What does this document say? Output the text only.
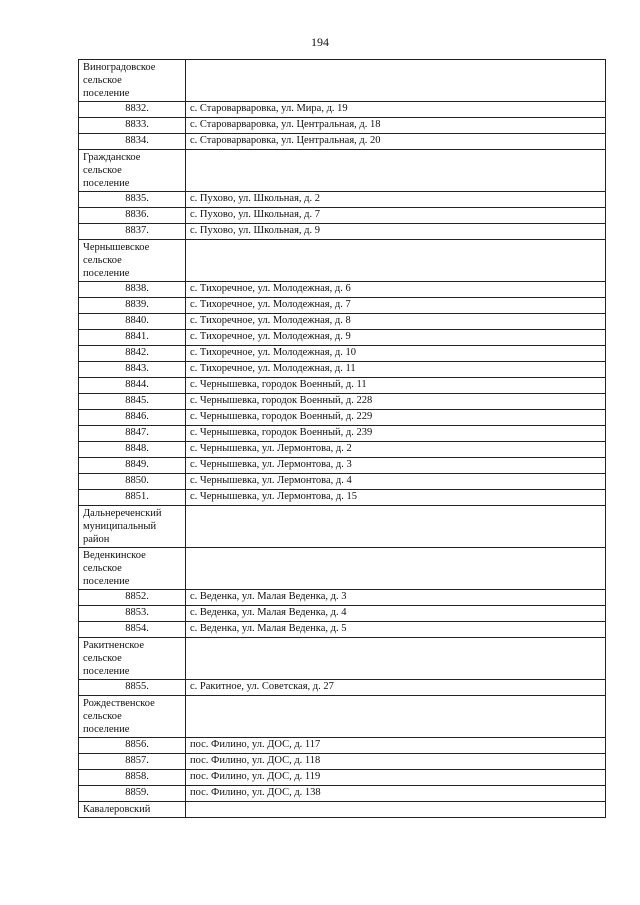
194
Виноградовское
сельское
поселение	

8832.	с. Староварваровка, ул. Мира, д. 19
8833.	с. Староварваровка, ул. Центральная, д. 18
8834.	с. Староварваровка, ул. Центральная, д. 20

Гражданское
сельское
поселение	

8835.	с. Пухово, ул. Школьная, д. 2
8836.	с. Пухово, ул. Школьная, д. 7
8837.	с. Пухово, ул. Школьная, д. 9

Чернышевское
сельское
поселение	

8838.	с. Тихоречное, ул. Молодежная, д. 6
8839.	с. Тихоречное, ул. Молодежная, д. 7
8840.	с. Тихоречное, ул. Молодежная, д. 8
8841.	с. Тихоречное, ул. Молодежная, д. 9
8842.	с. Тихоречное, ул. Молодежная, д. 10
8843.	с. Тихоречное, ул. Молодежная, д. 11
8844.	с. Чернышевка, городок Военный, д. 11
8845.	с. Чернышевка, городок Военный, д. 228
8846.	с. Чернышевка, городок Военный, д. 229
8847.	с. Чернышевка, городок Военный, д. 239
8848.	с. Чернышевка, ул. Лермонтова, д. 2
8849.	с. Чернышевка, ул. Лермонтова, д. 3
8850.	с. Чернышевка, ул. Лермонтова, д. 4
8851.	с. Чернышевка, ул. Лермонтова, д. 15

Дальнереченский
муниципальный
район	

Веденкинское
сельское
поселение	

8852.	с. Веденка, ул. Малая Веденка, д. 3
8853.	с. Веденка, ул. Малая Веденка, д. 4
8854.	с. Веденка, ул. Малая Веденка, д. 5

Ракитненское
сельское
поселение	

8855.	с. Ракитное, ул. Советская, д. 27

Рождественское
сельское
поселение	

8856.	пос. Филино, ул. ДОС, д. 117
8857.	пос. Филино, ул. ДОС, д. 118
8858.	пос. Филино, ул. ДОС, д. 119
8859.	пос. Филино, ул. ДОС, д. 138

Кавалеровский	
